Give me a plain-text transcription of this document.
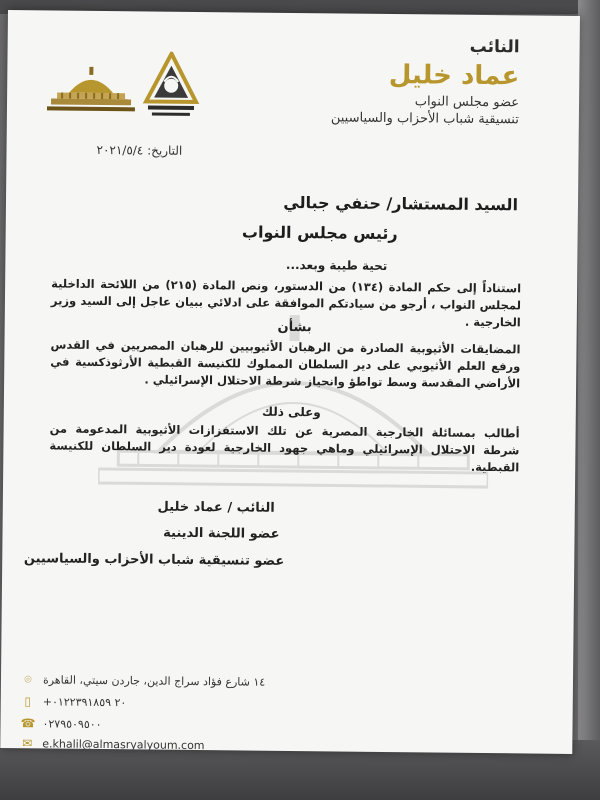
النائب
عماد خليل
عضو مجلس النواب
تنسيقية شباب الأحزاب والسياسيين
التاريخ: ٢٠٢١/٥/٤
السيد المستشار/ حنفي جبالي
رئيس مجلس النواب
تحية طيبة وبعد...
استناداً إلى حكم المادة (١٣٤) من الدستور، ونص المادة (٢١٥) من اللائحة الداخلية لمجلس النواب ، أرجو من سيادتكم الموافقة على ادلائي ببيان عاجل إلى السيد وزير الخارجية .
بشأن
المضايقات الأثيوبية الصادرة من الرهبان الأثيوبيين للرهبان المصريين في القدس ورفع العلم الأثيوبي على دير السلطان المملوك للكنيسة القبطية الأرثوذكسية في الأراضي المقدسة وسط تواطؤ وانحياز شرطة الاحتلال الإسرائيلي .
وعلى ذلك
أطالب بمسائلة الخارجية المصرية عن تلك الاستفزازات الأثيوبية المدعومة من شرطة الاحتلال الإسرائيلي وماهي جهود الخارجية لعودة دير السلطان للكنيسة القبطية.
النائب / عماد خليل
عضو اللجنة الدينية
عضو تنسيقية شباب الأحزاب والسياسيين
⌾	١٤ شارع فؤاد سراج الدين، جاردن سيتي، القاهرة
▯	+٢٠ ٠١٢٢٣٩١٨٥٩
☎ ٠٢٧٩٥٠٩٥٠٠
✉ e.khalil@almasryalyoum.com
